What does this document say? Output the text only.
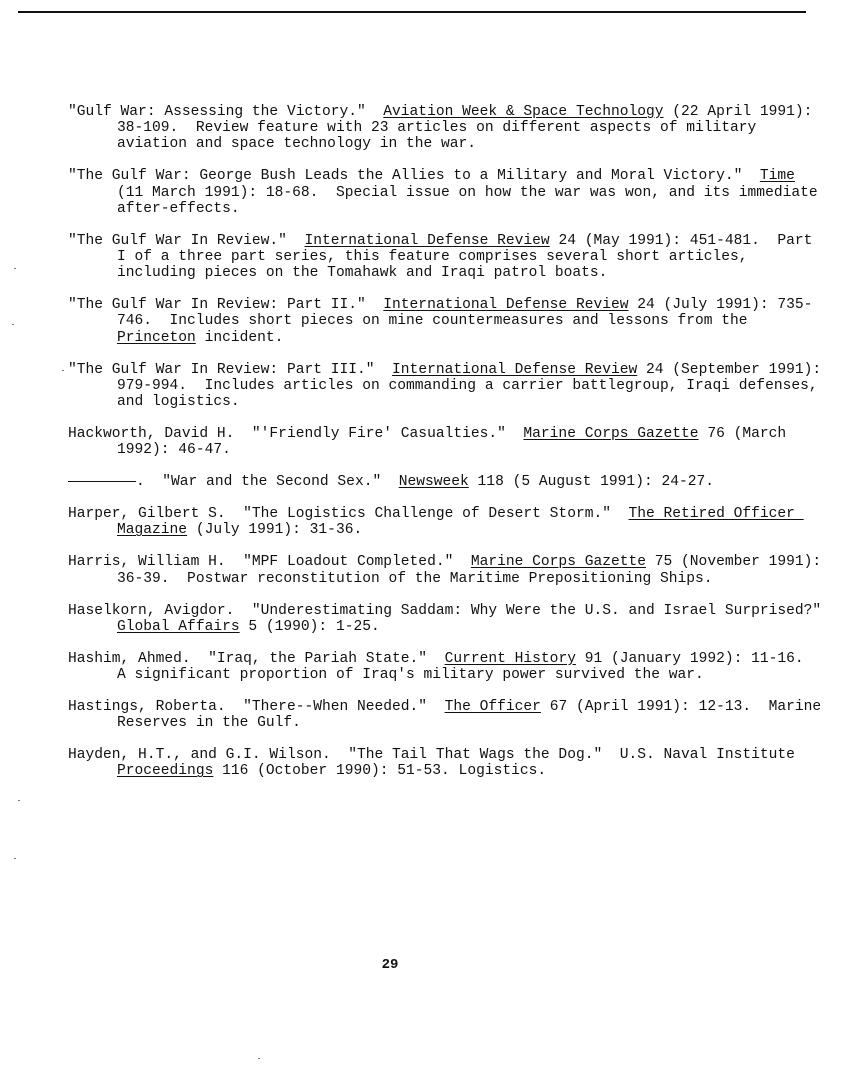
"Gulf War: Assessing the Victory."  Aviation Week & Space Technology (22 April 1991): 38-109.  Review feature with 23 articles on different aspects of military aviation and space technology in the war.

"The Gulf War: George Bush Leads the Allies to a Military and Moral Victory."  Time (11 March 1991): 18-68.  Special issue on how the war was won, and its immediate after-effects.

"The Gulf War In Review."  International Defense Review 24 (May 1991): 451-481.  Part I of a three part series, this feature comprises several short articles, including pieces on the Tomahawk and Iraqi patrol boats.

"The Gulf War In Review: Part II."  International Defense Review 24 (July 1991): 735-746.  Includes short pieces on mine countermeasures and lessons from the Princeton incident.

"The Gulf War In Review: Part III."  International Defense Review 24 (September 1991): 979-994.  Includes articles on commanding a carrier battlegroup, Iraqi defenses, and logistics.

Hackworth, David H.  "'Friendly Fire' Casualties."  Marine Corps Gazette 76 (March 1992): 46-47.

.  "War and the Second Sex."  Newsweek 118 (5 August 1991): 24-27.

Harper, Gilbert S.  "The Logistics Challenge of Desert Storm."  The Retired Officer Magazine (July 1991): 31-36.

Harris, William H.  "MPF Loadout Completed."  Marine Corps Gazette 75 (November 1991): 36-39.  Postwar reconstitution of the Maritime Prepositioning Ships.

Haselkorn, Avigdor.  "Underestimating Saddam: Why Were the U.S. and Israel Surprised?"  Global Affairs 5 (1990): 1-25.

Hashim, Ahmed.  "Iraq, the Pariah State."  Current History 91 (January 1992): 11-16.  A significant proportion of Iraq's military power survived the war.

Hastings, Roberta.  "There--When Needed."  The Officer 67 (April 1991): 12-13.  Marine Reserves in the Gulf.

Hayden, H.T., and G.I. Wilson.  "The Tail That Wags the Dog."  U.S. Naval Institute Proceedings 116 (October 1990): 51-53. Logistics.

29
